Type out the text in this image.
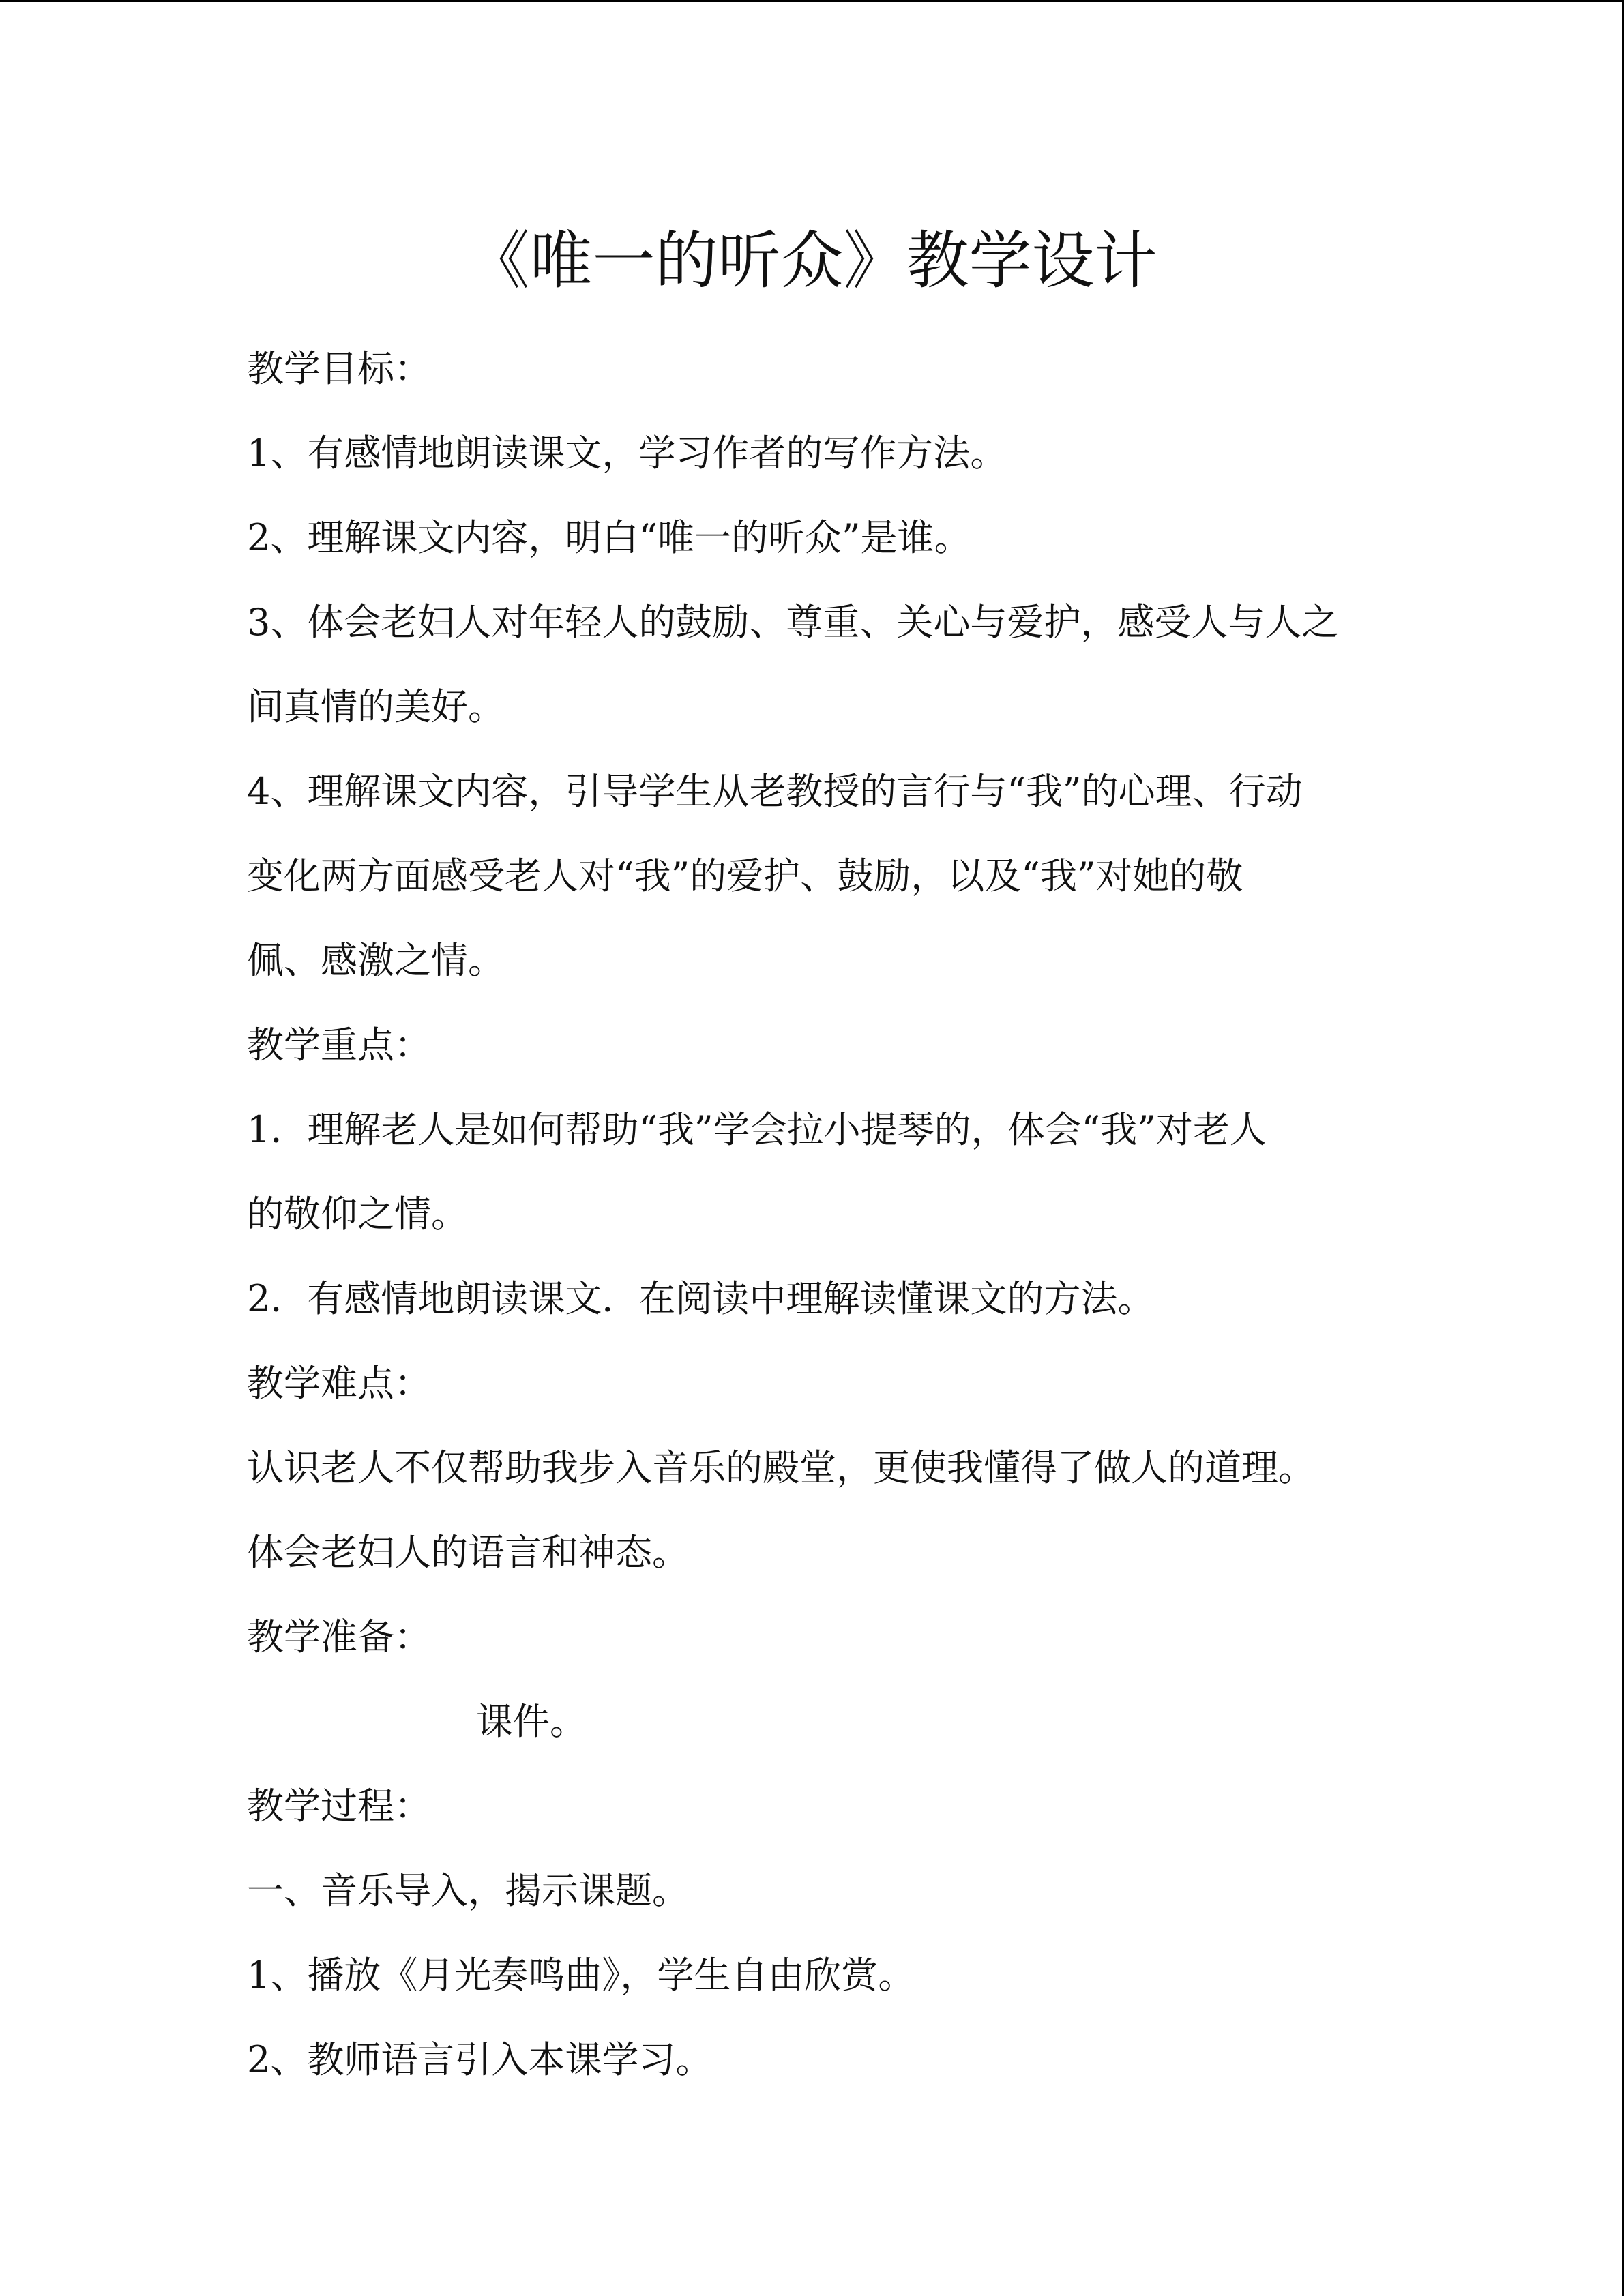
《唯一的听众》教学设计
教学目标：
1、有感情地朗读课文，学习作者的写作方法。
2、理解课文内容，明白“唯一的听众”是谁。
3、体会老妇人对年轻人的鼓励、尊重、关心与爱护，感受人与人之
间真情的美好。
4、理解课文内容，引导学生从老教授的言行与“我”的心理、行动
变化两方面感受老人对“我”的爱护、鼓励，以及“我”对她的敬
佩、感激之情。
教学重点：
1．理解老人是如何帮助“我”学会拉小提琴的，体会“我”对老人
的敬仰之情。
2．有感情地朗读课文．在阅读中理解读懂课文的方法。
教学难点：
认识老人不仅帮助我步入音乐的殿堂，更使我懂得了做人的道理。
体会老妇人的语言和神态。
教学准备：
课件。
教学过程：
一、音乐导入，揭示课题。
1、播放《月光奏鸣曲》，学生自由欣赏。
2、教师语言引入本课学习。
